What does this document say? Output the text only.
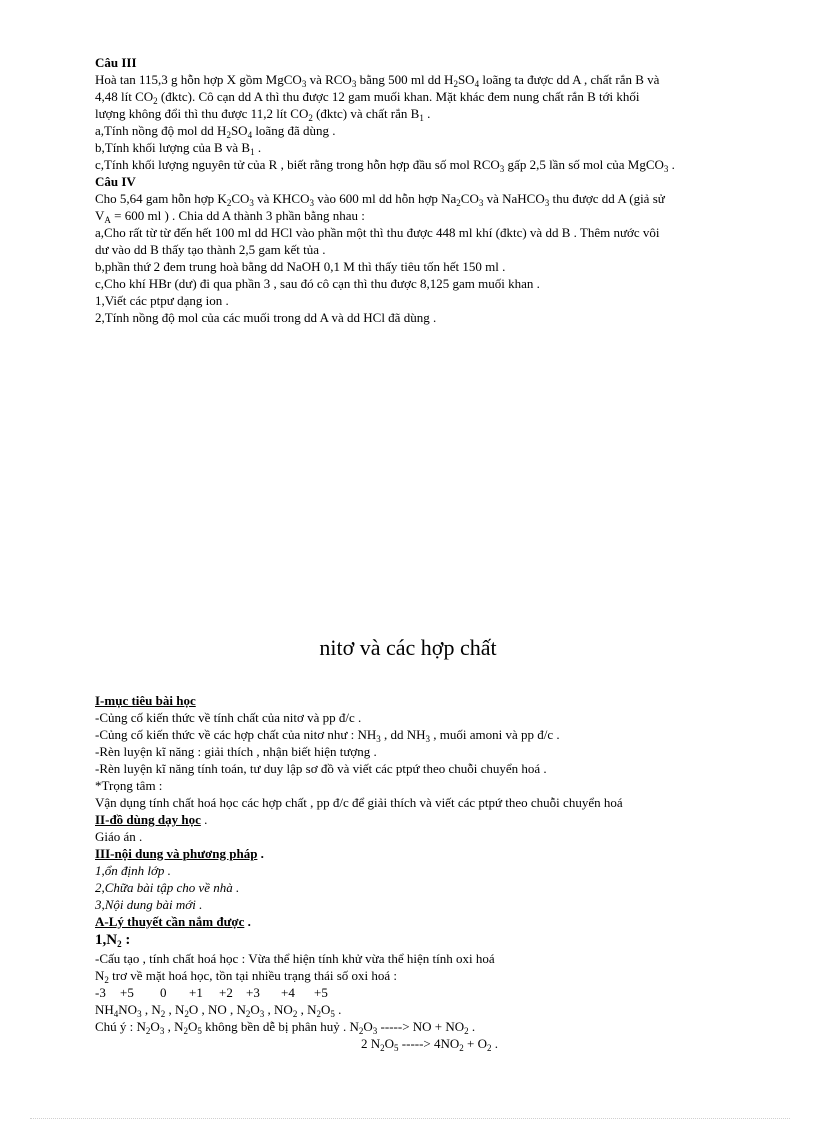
Câu III
Hoà tan 115,3 g hỗn hợp X gồm MgCO$_3$ và $RCO_3$ bằng 500 ml dd $H_2SO_4$ loãng ta được dd A , chất rắn B và
4,48 lít $CO_2$ (đktc). Cô cạn dd A thì thu được 12 gam muối khan. Mặt khác đem nung chất rắn B tới khối
lượng không đổi thì thu được 11,2 lít $CO_2$ (đktc) và chất rắn $B_1$ .
a,Tính nồng độ mol dd $H_2SO_4$ loãng đã dùng .
b,Tính khối lượng của B và $B_1$ .
c,Tính khối lượng nguyên tử của R , biết rằng trong hỗn hợp đầu số mol $RCO_3$ gấp 2,5 lần số mol của MgCO$_3$ .
Câu IV
Cho 5,64 gam hỗn hợp $K_2CO_3$ và $KHCO_3$ vào 600 ml dd hỗn hợp $Na_2CO_3$ và NaHCO$_3$ thu được dd A (giả sử
$V_A = 600$ ml ) . Chia dd A thành 3 phần bằng nhau :
a,Cho rất từ từ đến hết 100 ml dd HCl vào phần một thì thu được 448 ml khí (đktc) và dd B . Thêm nước vôi
dư vào dd B thấy tạo thành 2,5 gam kết tủa .
b,phần thứ 2 đem trung hoà bằng dd NaOH 0,1 M thì thấy tiêu tốn hết 150 ml .
c,Cho khí HBr (dư) đi qua phần 3 , sau đó cô cạn thì thu được 8,125 gam muối khan .
1,Viết các ptpư dạng ion .
2,Tính nồng độ mol của các muối trong dd A và dd HCl đã dùng .
nitơ và các hợp chất
I-mục tiêu bài học
-Củng cố kiến thức về tính chất của nitơ và pp đ/c .
-Củng cố kiến thức về các hợp chất của nitơ như : $NH_3$ , dd $NH_3$ , muối amoni và pp đ/c .
-Rèn luyện kĩ năng : giải thích , nhận biết hiện tượng .
-Rèn luyện kĩ năng tính toán, tư duy lập sơ đồ và viết các ptpứ theo chuỗi chuyển hoá .
*Trọng tâm :
Vận dụng tính chất hoá học các hợp chất , pp đ/c để giải thích và viết các ptpứ theo chuỗi chuyển hoá
II-đồ dùng dạy học .
Giáo án .
III-nội dung và phương pháp .
1,ổn định lớp .
2,Chữa bài tập cho về nhà .
3,Nội dung bài mới .
A-Lý thuyết cần nắm được .
$1,N_2$ :
-Cấu tạo , tính chất hoá học : Vừa thể hiện tính khử vừa thể hiện tính oxi hoá
$N_2$ trơ về mặt hoá học, tồn tại nhiều trạng thái số oxi hoá :
-3 +5 0 +1 +2 +3 +4 +5
$NH_4NO_3$ , $N_2$ , $N_2O$ , NO , $N_2O_3$ , $NO_2$ , $N_2O_5$ .
Chú ý : $N_2O_3$ , $N_2O_5$ không bền dễ bị phân huỷ . $N_2O_3$ -----> NO + $NO_2$ .
2 $N_2O_5$ -----> $4NO_2 + O_2$ .
